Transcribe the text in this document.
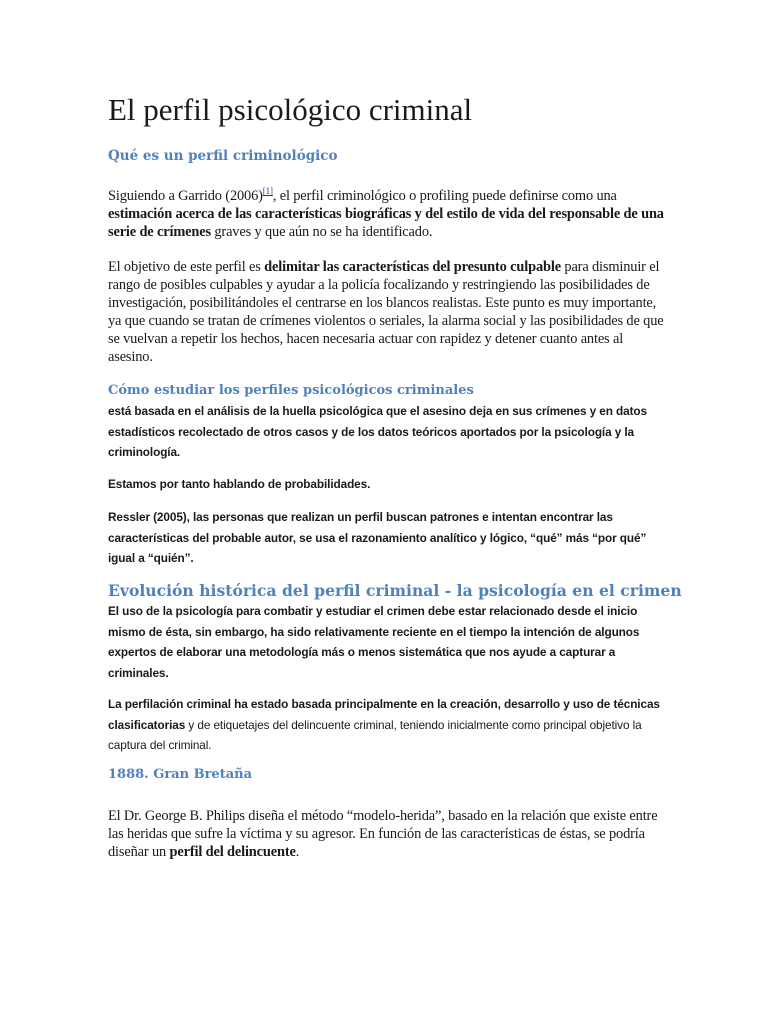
El perfil psicológico criminal
Qué es un perfil criminológico

Siguiendo a Garrido (2006)[1], el perfil criminológico o profiling puede definirse como una estimación acerca de las características biográficas y del estilo de vida del responsable de una serie de crímenes graves y que aún no se ha identificado.

El objetivo de este perfil es delimitar las características del presunto culpable para disminuir el rango de posibles culpables y ayudar a la policía focalizando y restringiendo las posibilidades de investigación, posibilitándoles el centrarse en los blancos realistas. Este punto es muy importante, ya que cuando se tratan de crímenes violentos o seriales, la alarma social y las posibilidades de que se vuelvan a repetir los hechos, hacen necesaria actuar con rapidez y detener cuanto antes al asesino.

Cómo estudiar los perfiles psicológicos criminales

está basada en el análisis de la huella psicológica que el asesino deja en sus crímenes y en datos estadísticos recolectado de otros casos y de los datos teóricos aportados por la psicología y la criminología.

Estamos por tanto hablando de probabilidades.

Ressler (2005), las personas que realizan un perfil buscan patrones e intentan encontrar las características del probable autor, se usa el razonamiento analítico y lógico, “qué” más “por qué” igual a “quién”.

Evolución histórica del perfil criminal - la psicología en el crimen

El uso de la psicología para combatir y estudiar el crimen debe estar relacionado desde el inicio mismo de ésta, sin embargo, ha sido relativamente reciente en el tiempo la intención de algunos expertos de elaborar una metodología más o menos sistemática que nos ayude a capturar a criminales.

La perfilación criminal ha estado basada principalmente en la creación, desarrollo y uso de técnicas clasificatorias y de etiquetajes del delincuente criminal, teniendo inicialmente como principal objetivo la captura del criminal.

1888. Gran Bretaña

El Dr. George B. Philips diseña el método “modelo-herida”, basado en la relación que existe entre las heridas que sufre la víctima y su agresor. En función de las características de éstas, se podría diseñar un perfil del delincuente.
